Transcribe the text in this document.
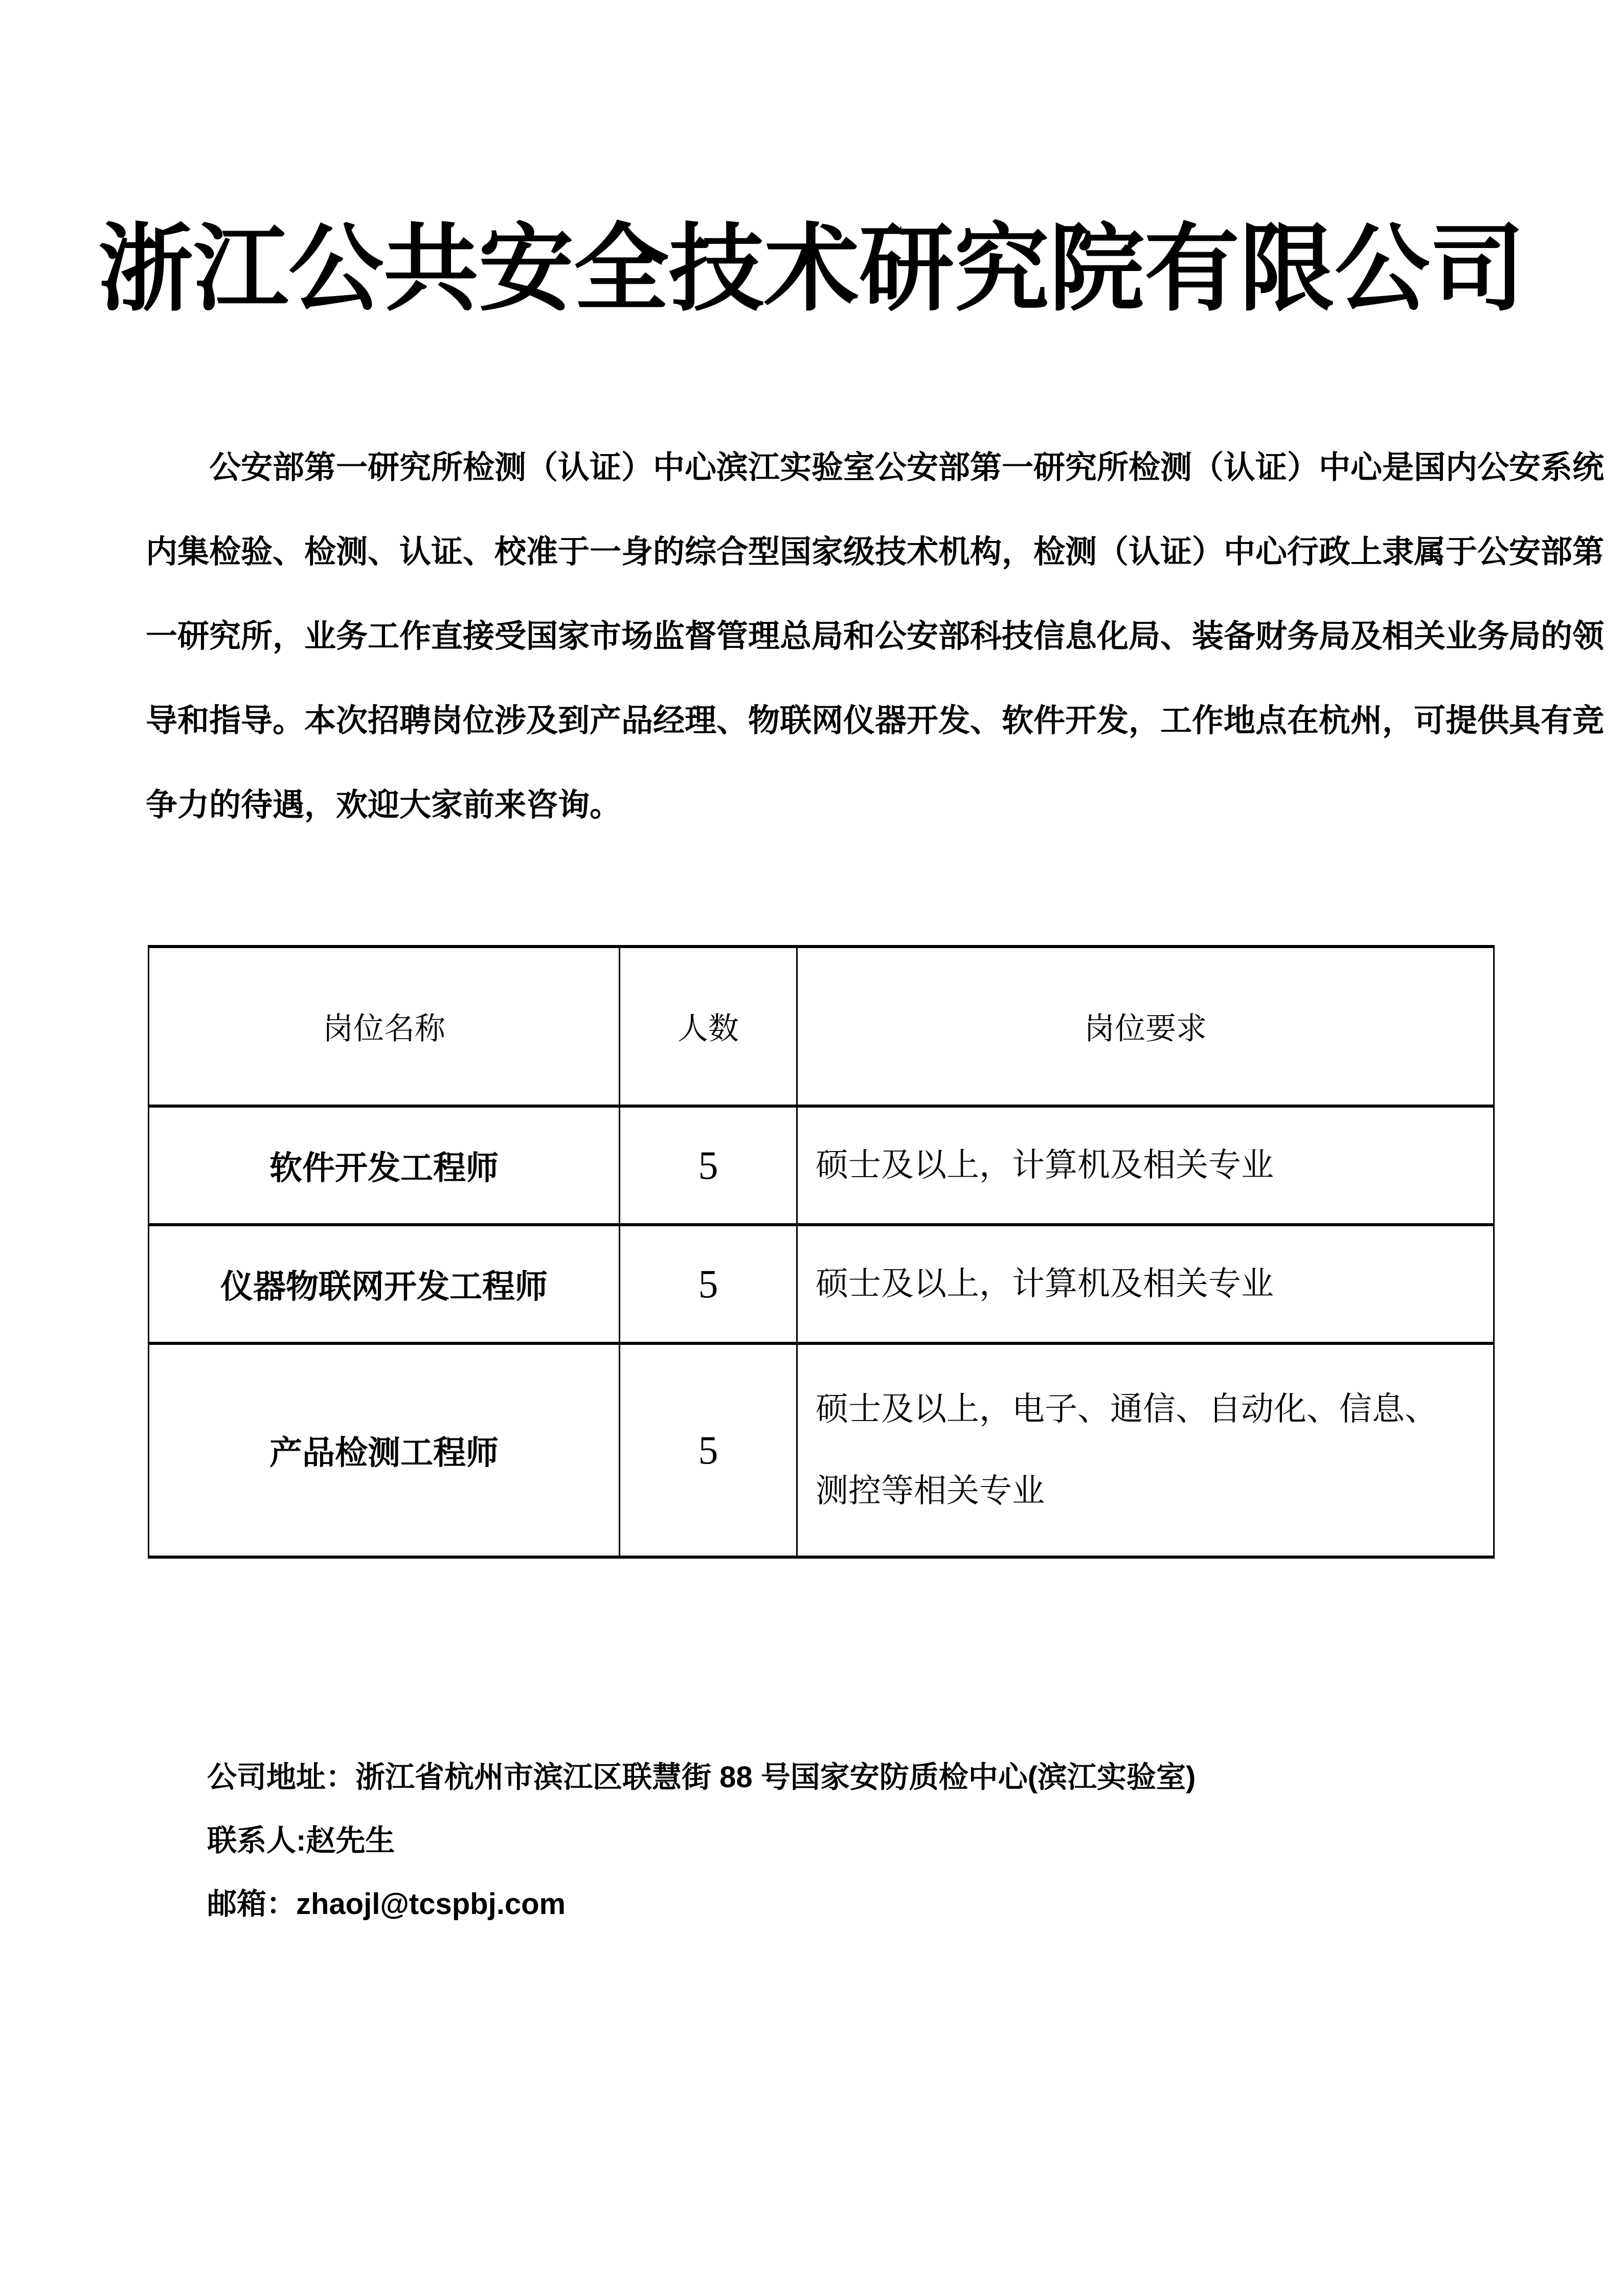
浙江公共安全技术研究院有限公司
公安部第一研究所检测（认证）中心滨江实验室公安部第一研究所检测（认证）中心是国内公安系统
内集检验、检测、认证、校准于一身的综合型国家级技术机构，检测（认证）中心行政上隶属于公安部第
一研究所，业务工作直接受国家市场监督管理总局和公安部科技信息化局、装备财务局及相关业务局的领
导和指导。本次招聘岗位涉及到产品经理、物联网仪器开发、软件开发，工作地点在杭州，可提供具有竞
争力的待遇，欢迎大家前来咨询。
岗位名称	人数	岗位要求
软件开发工程师	5	硕士及以上，计算机及相关专业
仪器物联网开发工程师	5	硕士及以上，计算机及相关专业
产品检测工程师	5	硕士及以上，电子、通信、自动化、信息、测控等相关专业
公司地址：浙江省杭州市滨江区联慧街 88 号国家安防质检中心(滨江实验室)
联系人:赵先生
邮箱：zhaojl@tcspbj.com
